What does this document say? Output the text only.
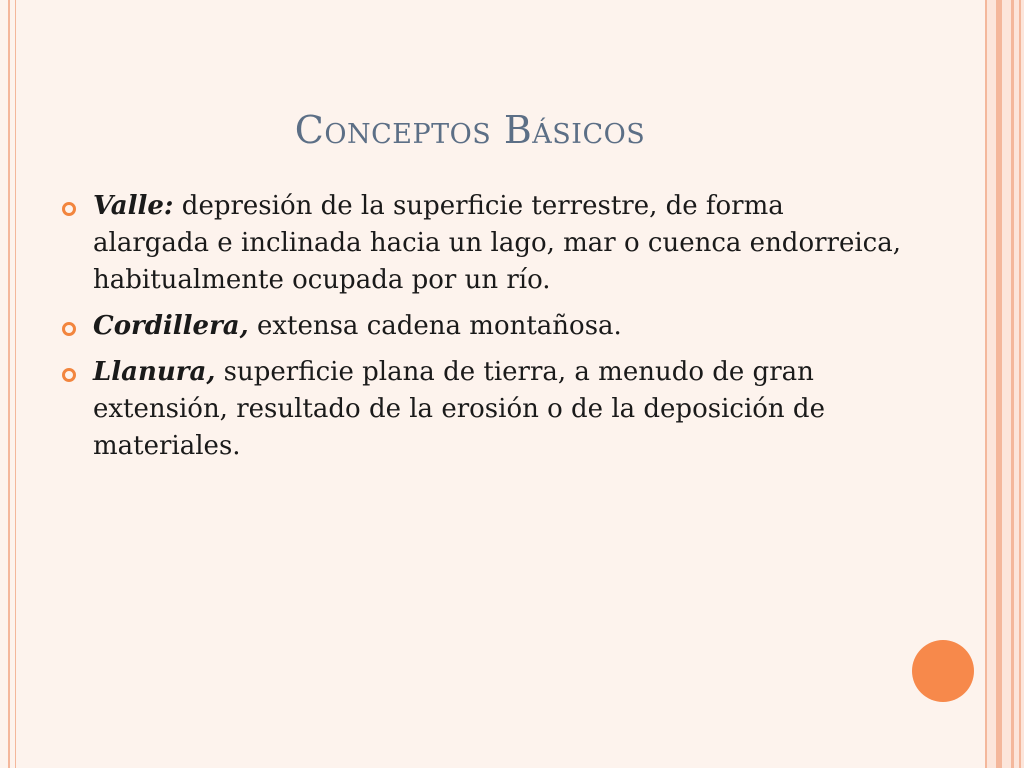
Conceptos Básicos
Valle: depresión de la superficie terrestre, de forma alargada e inclinada hacia un lago, mar o cuenca endorreica, habitualmente ocupada por un río.
Cordillera, extensa cadena montañosa.
Llanura, superficie plana de tierra, a menudo de gran extensión, resultado de la erosión o de la deposición de materiales.
